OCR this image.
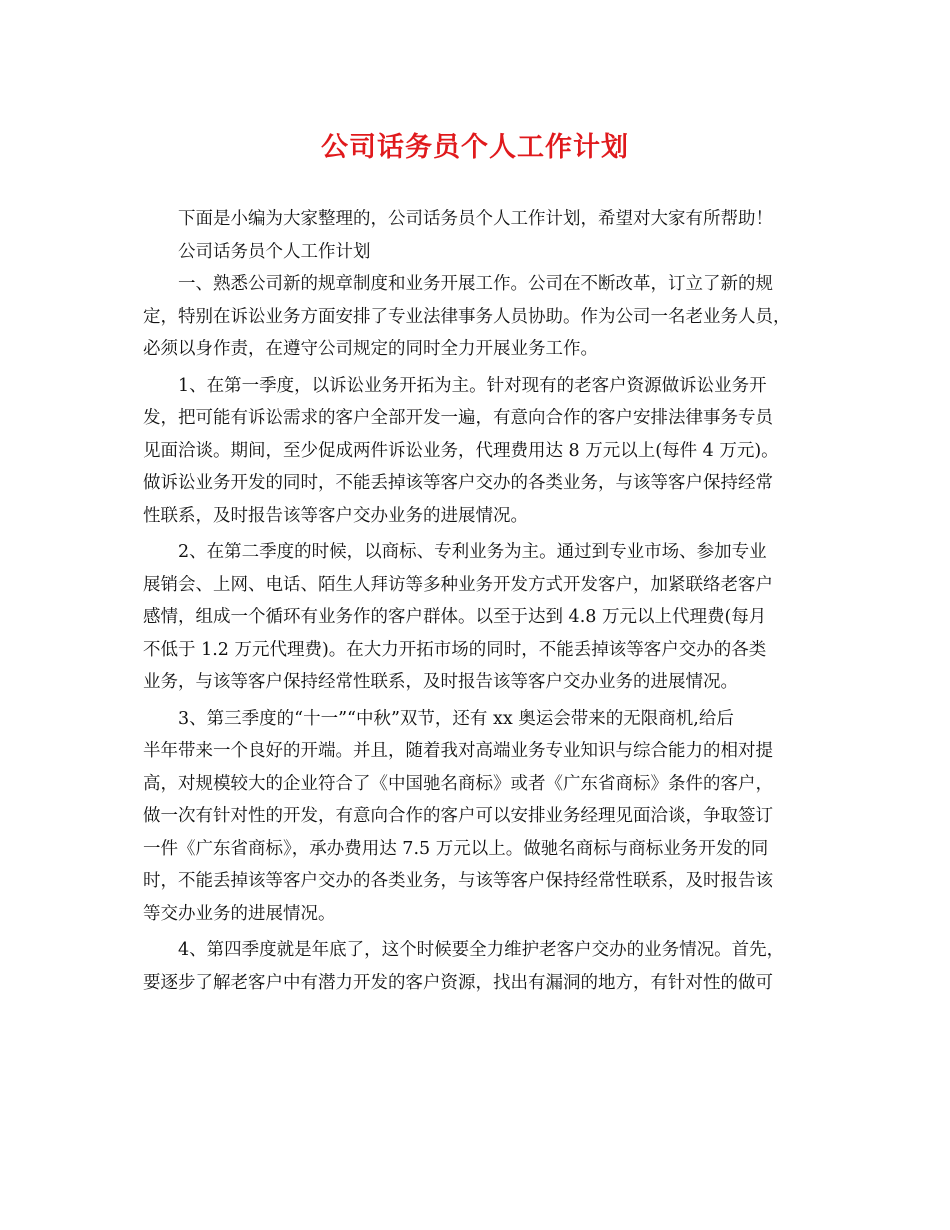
公司话务员个人工作计划

下面是小编为大家整理的，公司话务员个人工作计划，希望对大家有所帮助！

公司话务员个人工作计划

一、熟悉公司新的规章制度和业务开展工作。公司在不断改革，订立了新的规
定，特别在诉讼业务方面安排了专业法律事务人员协助。作为公司一名老业务人员，
必须以身作责，在遵守公司规定的同时全力开展业务工作。

1、在第一季度，以诉讼业务开拓为主。针对现有的老客户资源做诉讼业务开
发，把可能有诉讼需求的客户全部开发一遍，有意向合作的客户安排法律事务专员
见面洽谈。期间，至少促成两件诉讼业务，代理费用达 8 万元以上(每件 4 万元)。
做诉讼业务开发的同时，不能丢掉该等客户交办的各类业务，与该等客户保持经常
性联系，及时报告该等客户交办业务的进展情况。

2、在第二季度的时候，以商标、专利业务为主。通过到专业市场、参加专业
展销会、上网、电话、陌生人拜访等多种业务开发方式开发客户，加紧联络老客户
感情，组成一个循环有业务作的客户群体。以至于达到 4.8 万元以上代理费(每月
不低于 1.2 万元代理费)。在大力开拓市场的同时，不能丢掉该等客户交办的各类
业务，与该等客户保持经常性联系，及时报告该等客户交办业务的进展情况。

3、第三季度的“十一”“中秋”双节，还有 xx 奥运会带来的无限商机,给后
半年带来一个良好的开端。并且，随着我对高端业务专业知识与综合能力的相对提
高，对规模较大的企业符合了《中国驰名商标》或者《广东省商标》条件的客户，
做一次有针对性的开发，有意向合作的客户可以安排业务经理见面洽谈，争取签订
一件《广东省商标》，承办费用达 7.5 万元以上。做驰名商标与商标业务开发的同
时，不能丢掉该等客户交办的各类业务，与该等客户保持经常性联系，及时报告该
等交办业务的进展情况。

4、第四季度就是年底了，这个时候要全力维护老客户交办的业务情况。首先，
要逐步了解老客户中有潜力开发的客户资源，找出有漏洞的地方，有针对性的做可
